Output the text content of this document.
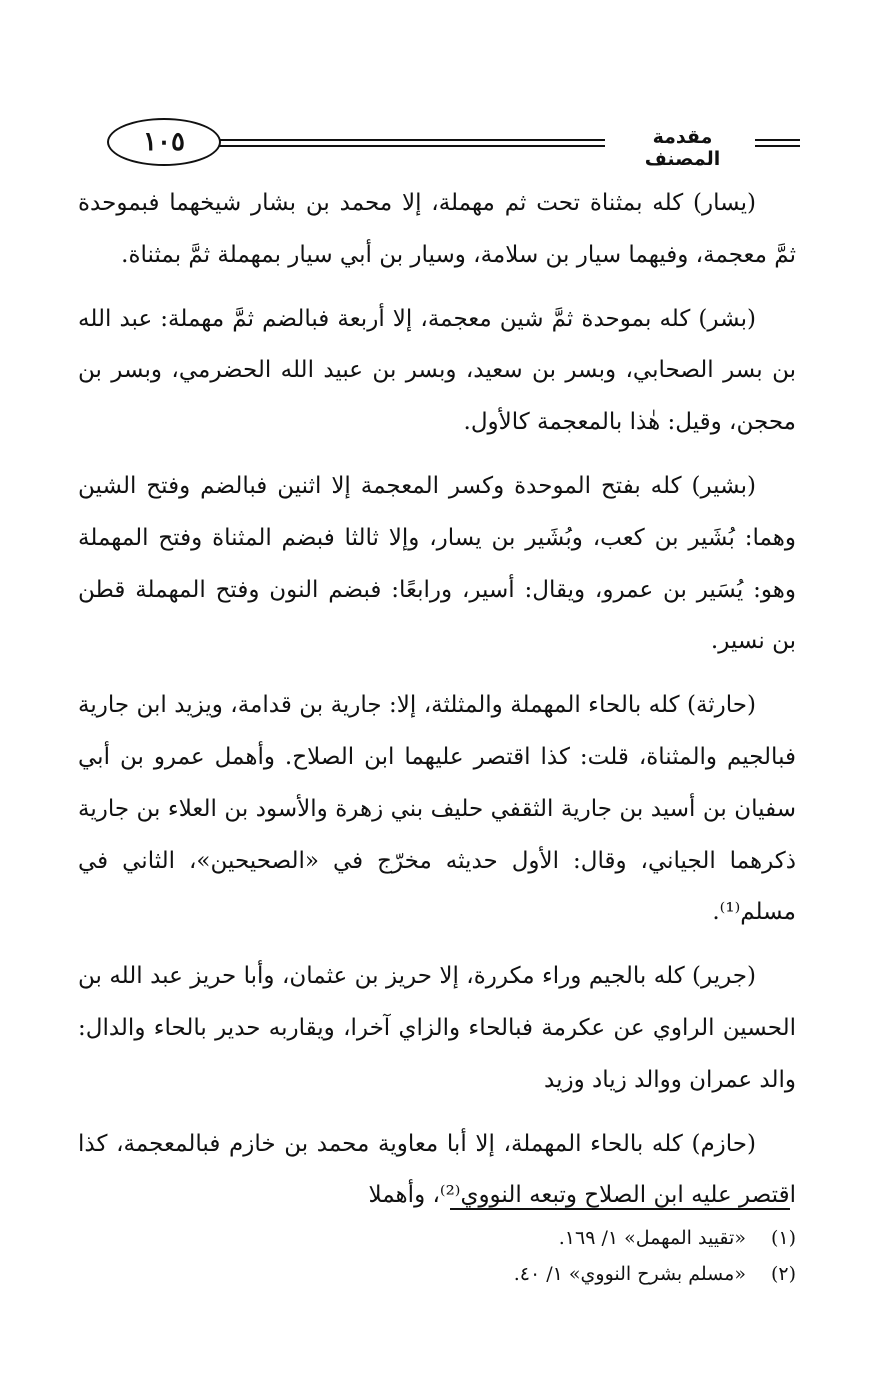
١٠٥	مقدمة المصنف

(يسار) كله بمثناة تحت ثم مهملة، إلا محمد بن بشار شيخهما فبموحدة ثمَّ معجمة، وفيهما سيار بن سلامة، وسيار بن أبي سيار بمهملة ثمَّ بمثناة.

(بشر) كله بموحدة ثمَّ شين معجمة، إلا أربعة فبالضم ثمَّ مهملة: عبد الله بن بسر الصحابي، وبسر بن سعيد، وبسر بن عبيد الله الحضرمي، وبسر بن محجن، وقيل: هٰذا بالمعجمة كالأول.

(بشير) كله بفتح الموحدة وكسر المعجمة إلا اثنين فبالضم وفتح الشين وهما: بُشَير بن كعب، وبُشَير بن يسار، وإلا ثالثا فبضم المثناة وفتح المهملة وهو: يُسَير بن عمرو، ويقال: أسير، ورابعًا: فبضم النون وفتح المهملة قطن بن نسير.

(حارثة) كله بالحاء المهملة والمثلثة، إلا: جارية بن قدامة، ويزيد ابن جارية فبالجيم والمثناة، قلت: كذا اقتصر عليهما ابن الصلاح. وأهمل عمرو بن أبي سفيان بن أسيد بن جارية الثقفي حليف بني زهرة والأسود بن العلاء بن جارية ذكرهما الجياني، وقال: الأول حديثه مخرّج في «الصحيحين»، الثاني في مسلم⁽¹⁾.

(جرير) كله بالجيم وراء مكررة، إلا حريز بن عثمان، وأبا حريز عبد الله بن الحسين الراوي عن عكرمة فبالحاء والزاي آخرا، ويقاربه حدير بالحاء والدال: والد عمران ووالد زياد وزيد

(حازم) كله بالحاء المهملة، إلا أبا معاوية محمد بن خازم فبالمعجمة، كذا اقتصر عليه ابن الصلاح وتبعه النووي⁽²⁾، وأهملا

(١) «تقييد المهمل» ١/ ١٦٩.

(٢) «مسلم بشرح النووي» ١/ ٤٠.
